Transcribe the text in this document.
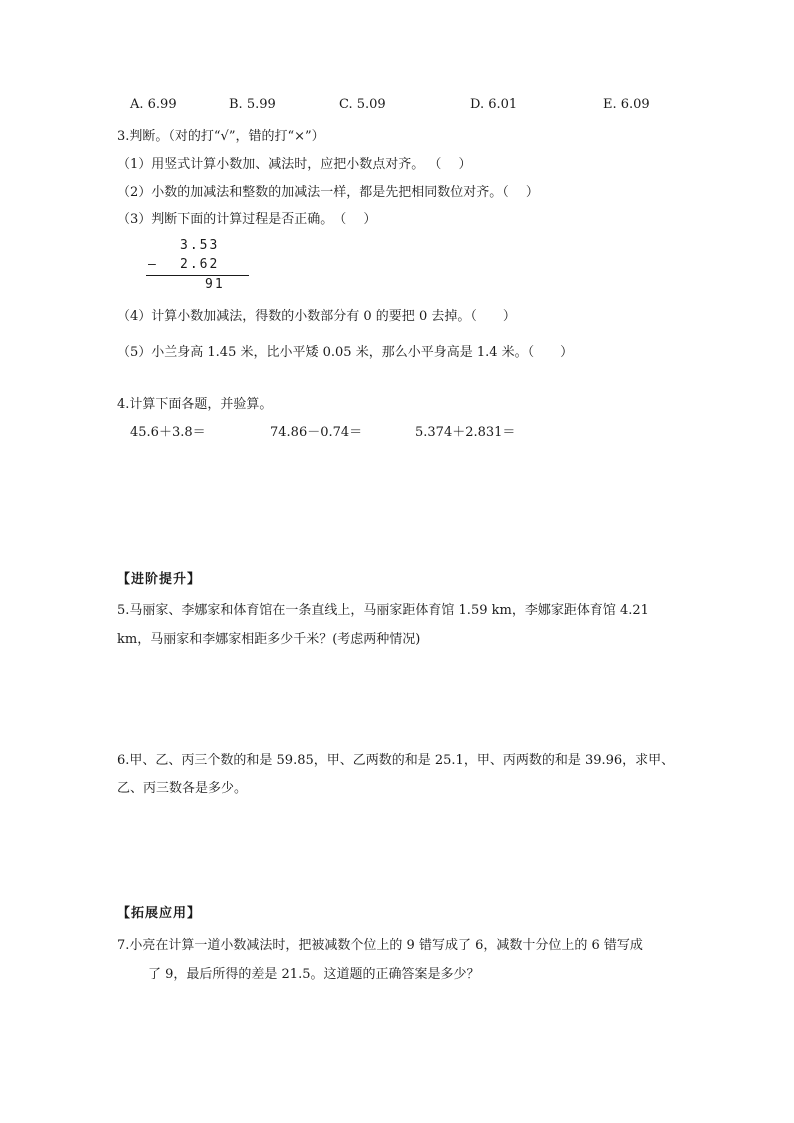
A. 6.99	B. 5.99	C. 5.09	D. 6.01	E. 6.09
3.判断。（对的打“√”，错的打“×”）
（1）用竖式计算小数加、减法时，应把小数点对齐。 （　 ）
（2）小数的加减法和整数的加减法一样，都是先把相同数位对齐。（　 ）
（3）判断下面的计算过程是否正确。　（　 ）
3.53
— 2.62
91
（4）计算小数加减法，得数的小数部分有 0 的要把 0 去掉。（　　）
（5）小兰身高 1.45 米，比小平矮 0.05 米，那么小平身高是 1.4 米。（　　）
4.计算下面各题，并验算。
45.6＋3.8＝	74.86－0.74＝	5.374＋2.831＝
【进阶提升】
5.马丽家、李娜家和体育馆在一条直线上，马丽家距体育馆 1.59 km，李娜家距体育馆 4.21
km，马丽家和李娜家相距多少千米？(考虑两种情况)
6.甲、乙、丙三个数的和是 59.85，甲、乙两数的和是 25.1，甲、丙两数的和是 39.96，求甲、
乙、丙三数各是多少。
【拓展应用】
7.小亮在计算一道小数减法时，把被减数个位上的 9 错写成了 6，减数十分位上的 6 错写成
了 9，最后所得的差是 21.5。这道题的正确答案是多少？
